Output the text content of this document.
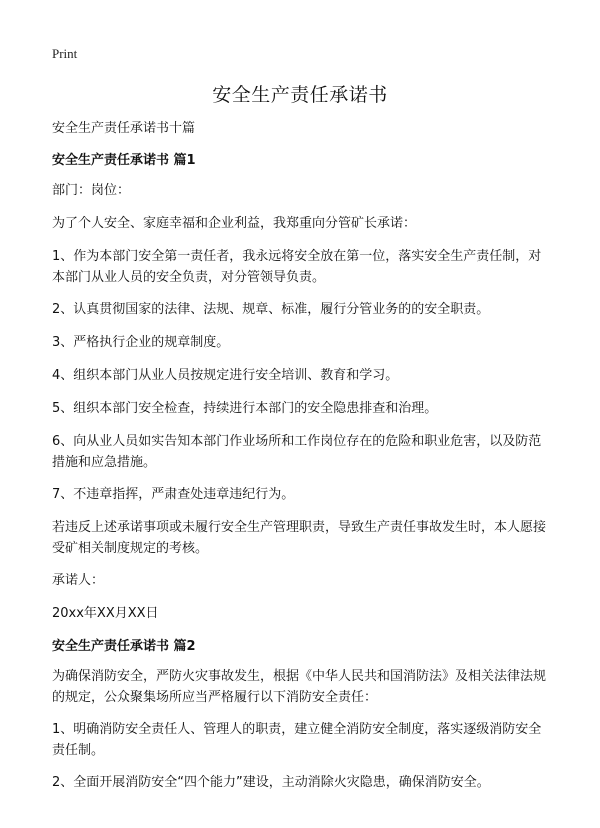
Print
安全生产责任承诺书

安全生产责任承诺书十篇

安全生产责任承诺书 篇1

部门：岗位：

为了个人安全、家庭幸福和企业利益，我郑重向分管矿长承诺：

1、作为本部门安全第一责任者，我永远将安全放在第一位，落实安全生产责任制，对本部门从业人员的安全负责，对分管领导负责。

2、认真贯彻国家的法律、法规、规章、标准，履行分管业务的的安全职责。

3、严格执行企业的规章制度。

4、组织本部门从业人员按规定进行安全培训、教育和学习。

5、组织本部门安全检查，持续进行本部门的安全隐患排查和治理。

6、向从业人员如实告知本部门作业场所和工作岗位存在的危险和职业危害，以及防范措施和应急措施。

7、不违章指挥，严肃查处违章违纪行为。

若违反上述承诺事项或未履行安全生产管理职责，导致生产责任事故发生时，本人愿接受矿相关制度规定的考核。

承诺人：

20xx年XX月XX日

安全生产责任承诺书 篇2

为确保消防安全，严防火灾事故发生，根据《中华人民共和国消防法》及相关法律法规的规定，公众聚集场所应当严格履行以下消防安全责任：

1、明确消防安全责任人、管理人的职责，建立健全消防安全制度，落实逐级消防安全责任制。

2、全面开展消防安全“四个能力”建设，主动消除火灾隐患，确保消防安全。
